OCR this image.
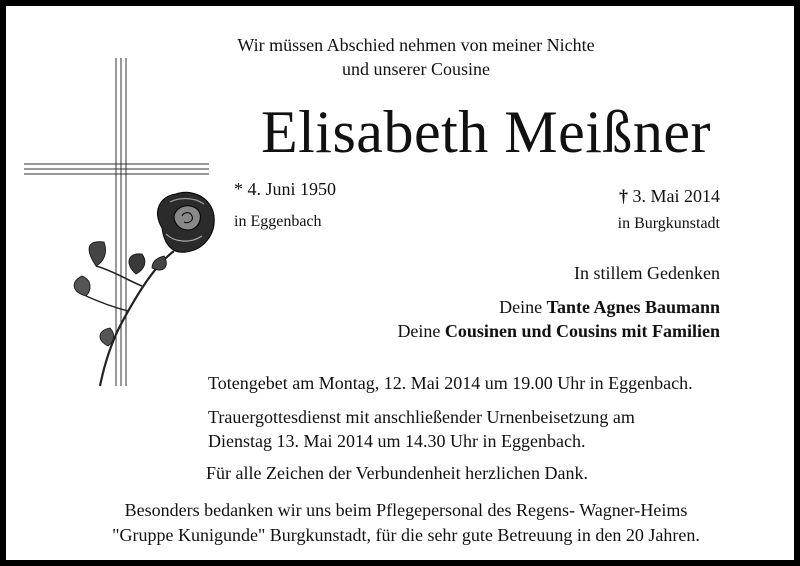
Wir müssen Abschied nehmen von meiner Nichte
und unserer Cousine
Elisabeth Meißner
* 4. Juni 1950
in Eggenbach
† 3. Mai 2014
in Burgkunstadt
In stillem Gedenken
Deine Tante Agnes Baumann
Deine Cousinen und Cousins mit Familien
Totengebet am Montag, 12. Mai 2014 um 19.00 Uhr in Eggenbach.
Trauergottesdienst mit anschließender Urnenbeisetzung am
Dienstag 13. Mai 2014 um 14.30 Uhr in Eggenbach.
Für alle Zeichen der Verbundenheit herzlichen Dank.
Besonders bedanken wir uns beim Pflegepersonal des Regens- Wagner-Heims
"Gruppe Kunigunde" Burgkunstadt, für die sehr gute Betreuung in den 20 Jahren.
